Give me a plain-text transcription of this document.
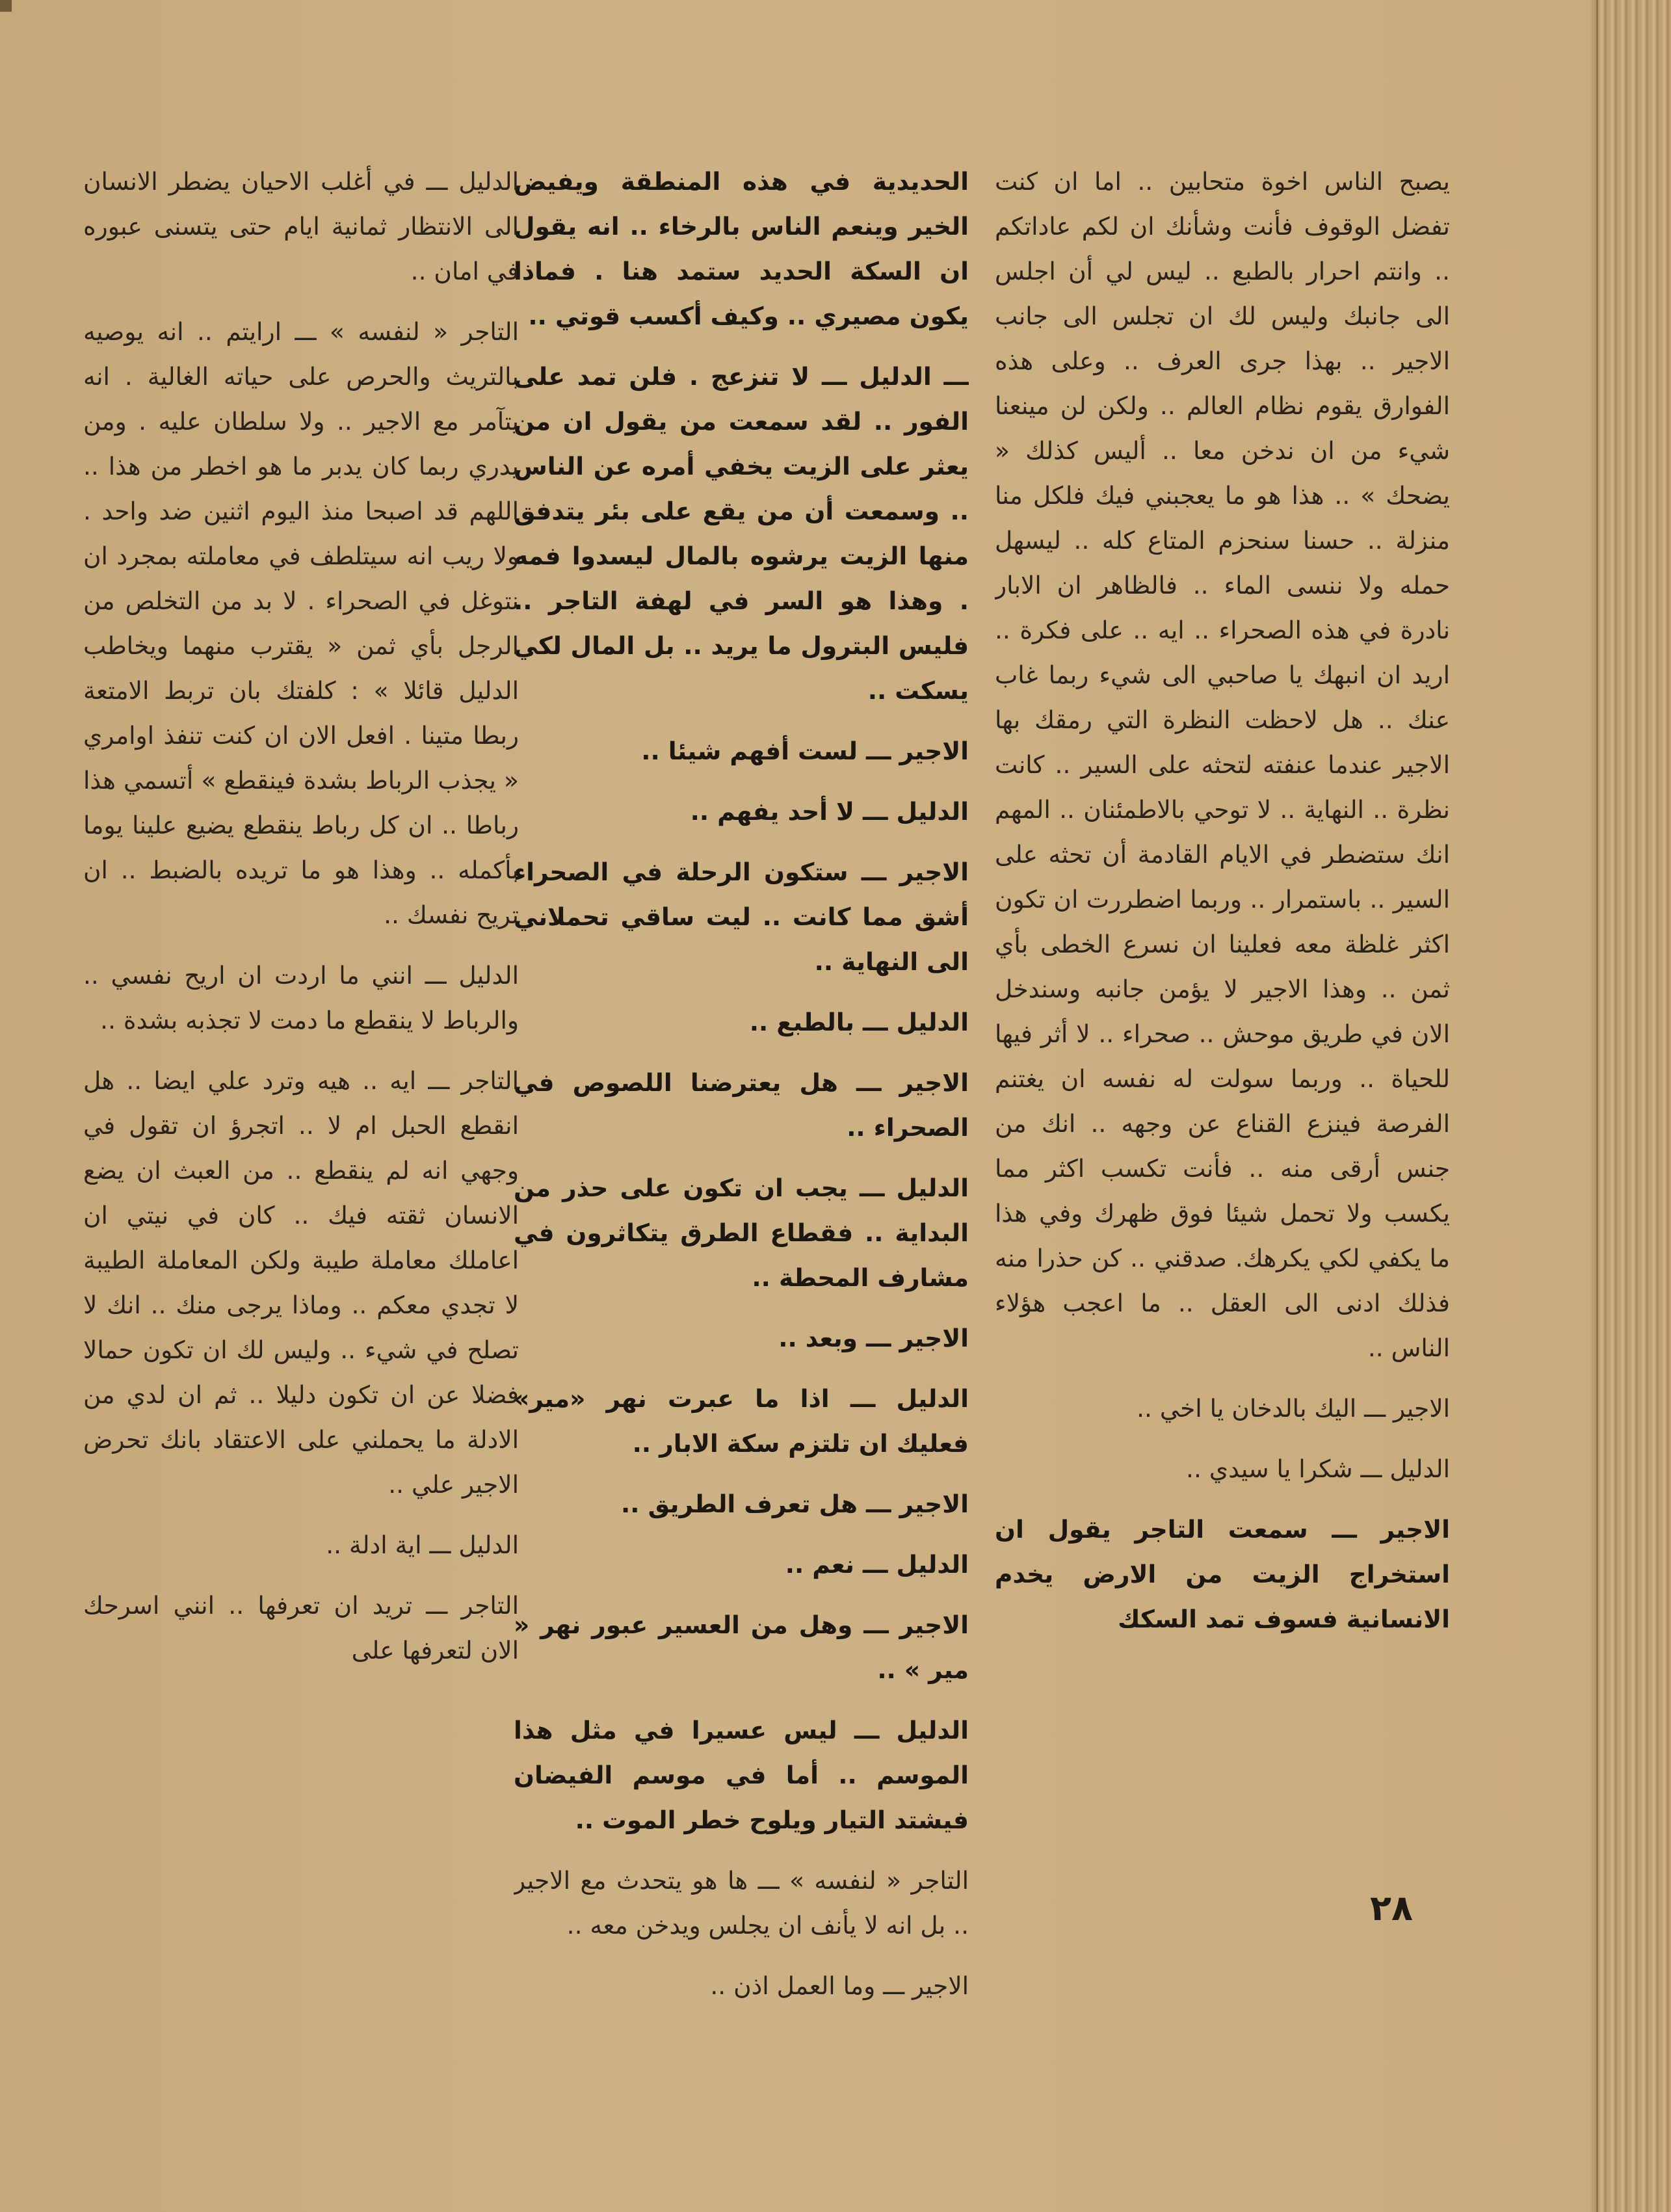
يصبح الناس اخوة متحابين .. اما ان كنت تفضل الوقوف فأنت وشأنك ان لكم عاداتكم .. وانتم احرار بالطبع .. ليس لي أن اجلس الى جانبك وليس لك ان تجلس الى جانب الاجير .. بهذا جرى العرف .. وعلى هذه الفوارق يقوم نظام العالم .. ولكن لن مينعنا شيء من ان ندخن معا .. أليس كذلك « يضحك » .. هذا هو ما يعجبني فيك فلكل منا منزلة .. حسنا سنحزم المتاع كله .. ليسهل حمله ولا ننسى الماء .. فالظاهر ان الابار نادرة في هذه الصحراء .. ايه .. على فكرة .. اريد ان انبهك يا صاحبي الى شيء ربما غاب عنك .. هل لاحظت النظرة التي رمقك بها الاجير عندما عنفته لتحثه على السير .. كانت نظرة .. النهاية .. لا توحي بالاطمئنان .. المهم انك ستضطر في الايام القادمة أن تحثه على السير .. باستمرار .. وربما اضطررت ان تكون اكثر غلظة معه فعلينا ان نسرع الخطى بأي ثمن .. وهذا الاجير لا يؤمن جانبه وسندخل الان في طريق موحش .. صحراء .. لا أثر فيها للحياة .. وربما سولت له نفسه ان يغتنم الفرصة فينزع القناع عن وجهه .. انك من جنس أرقى منه .. فأنت تكسب اكثر مما يكسب ولا تحمل شيئا فوق ظهرك وفي هذا ما يكفي لكي يكرهك. صدقني .. كن حذرا منه فذلك ادنى الى العقل .. ما اعجب هؤلاء الناس ..

الاجير ـــ اليك بالدخان يا اخي ..

الدليل ـــ شكرا يا سيدي ..

الاجير ـــ سمعت التاجر يقول ان استخراج الزيت من الارض يخدم الانسانية فسوف تمد السكك

الحديدية في هذه المنطقة ويفيض الخير وينعم الناس بالرخاء .. انه يقول ان السكة الحديد ستمد هنا . فماذا يكون مصيري .. وكيف أكسب قوتي ..

ـــ الدليل ـــ لا تنزعج . فلن تمد على الفور .. لقد سمعت من يقول ان من يعثر على الزيت يخفي أمره عن الناس .. وسمعت أن من يقع على بئر يتدفق منها الزيت يرشوه بالمال ليسدوا فمه . وهذا هو السر في لهفة التاجر .. فليس البترول ما يريد .. بل المال لكي يسكت ..

الاجير ـــ لست أفهم شيئا ..

الدليل ـــ لا أحد يفهم ..

الاجير ـــ ستكون الرحلة في الصحراء أشق مما كانت .. ليت ساقي تحملاني الى النهاية ..

الدليل ـــ بالطبع ..

الاجير ـــ هل يعترضنا اللصوص في الصحراء ..

الدليل ـــ يجب ان تكون على حذر من البداية .. فقطاع الطرق يتكاثرون في مشارف المحطة ..

الاجير ـــ وبعد ..

الدليل ـــ اذا ما عبرت نهر «مير» فعليك ان تلتزم سكة الابار ..

الاجير ـــ هل تعرف الطريق ..

الدليل ـــ نعم ..

الاجير ـــ وهل من العسير عبور نهر « مير » ..

الدليل ـــ ليس عسيرا في مثل هذا الموسم .. أما في موسم الفيضان فيشتد التيار ويلوح خطر الموت ..

التاجر « لنفسه » ـــ ها هو يتحدث مع الاجير .. بل انه لا يأنف ان يجلس ويدخن معه ..

الاجير ـــ وما العمل اذن ..

الدليل ـــ في أغلب الاحيان يضطر الانسان الى الانتظار ثمانية ايام حتى يتسنى عبوره في امان ..

التاجر « لنفسه » ـــ ارايتم .. انه يوصيه بالتريث والحرص على حياته الغالية . انه يتآمر مع الاجير .. ولا سلطان عليه . ومن يدري ربما كان يدبر ما هو اخطر من هذا .. اللهم قد اصبحا منذ اليوم اثنين ضد واحد . ولا ريب انه سيتلطف في معاملته بمجرد ان نتوغل في الصحراء . لا بد من التخلص من الرجل بأي ثمن « يقترب منهما ويخاطب الدليل قائلا » : كلفتك بان تربط الامتعة ربطا متينا . افعل الان ان كنت تنفذ اوامري « يجذب الرباط بشدة فينقطع » أتسمي هذا رباطا .. ان كل رباط ينقطع يضيع علينا يوما بأكمله .. وهذا هو ما تريده بالضبط .. ان تريح نفسك ..

الدليل ـــ انني ما اردت ان اريح نفسي .. والرباط لا ينقطع ما دمت لا تجذبه بشدة ..

التاجر ـــ ايه .. هيه وترد علي ايضا .. هل انقطع الحبل ام لا .. اتجرؤ ان تقول في وجهي انه لم ينقطع .. من العبث ان يضع الانسان ثقته فيك .. كان في نيتي ان اعاملك معاملة طيبة ولكن المعاملة الطيبة لا تجدي معكم .. وماذا يرجى منك .. انك لا تصلح في شيء .. وليس لك ان تكون حمالا فضلا عن ان تكون دليلا .. ثم ان لدي من الادلة ما يحملني على الاعتقاد بانك تحرض الاجير علي ..

الدليل ـــ اية ادلة ..

التاجر ـــ تريد ان تعرفها .. انني اسرحك الان لتعرفها على

٢٨
